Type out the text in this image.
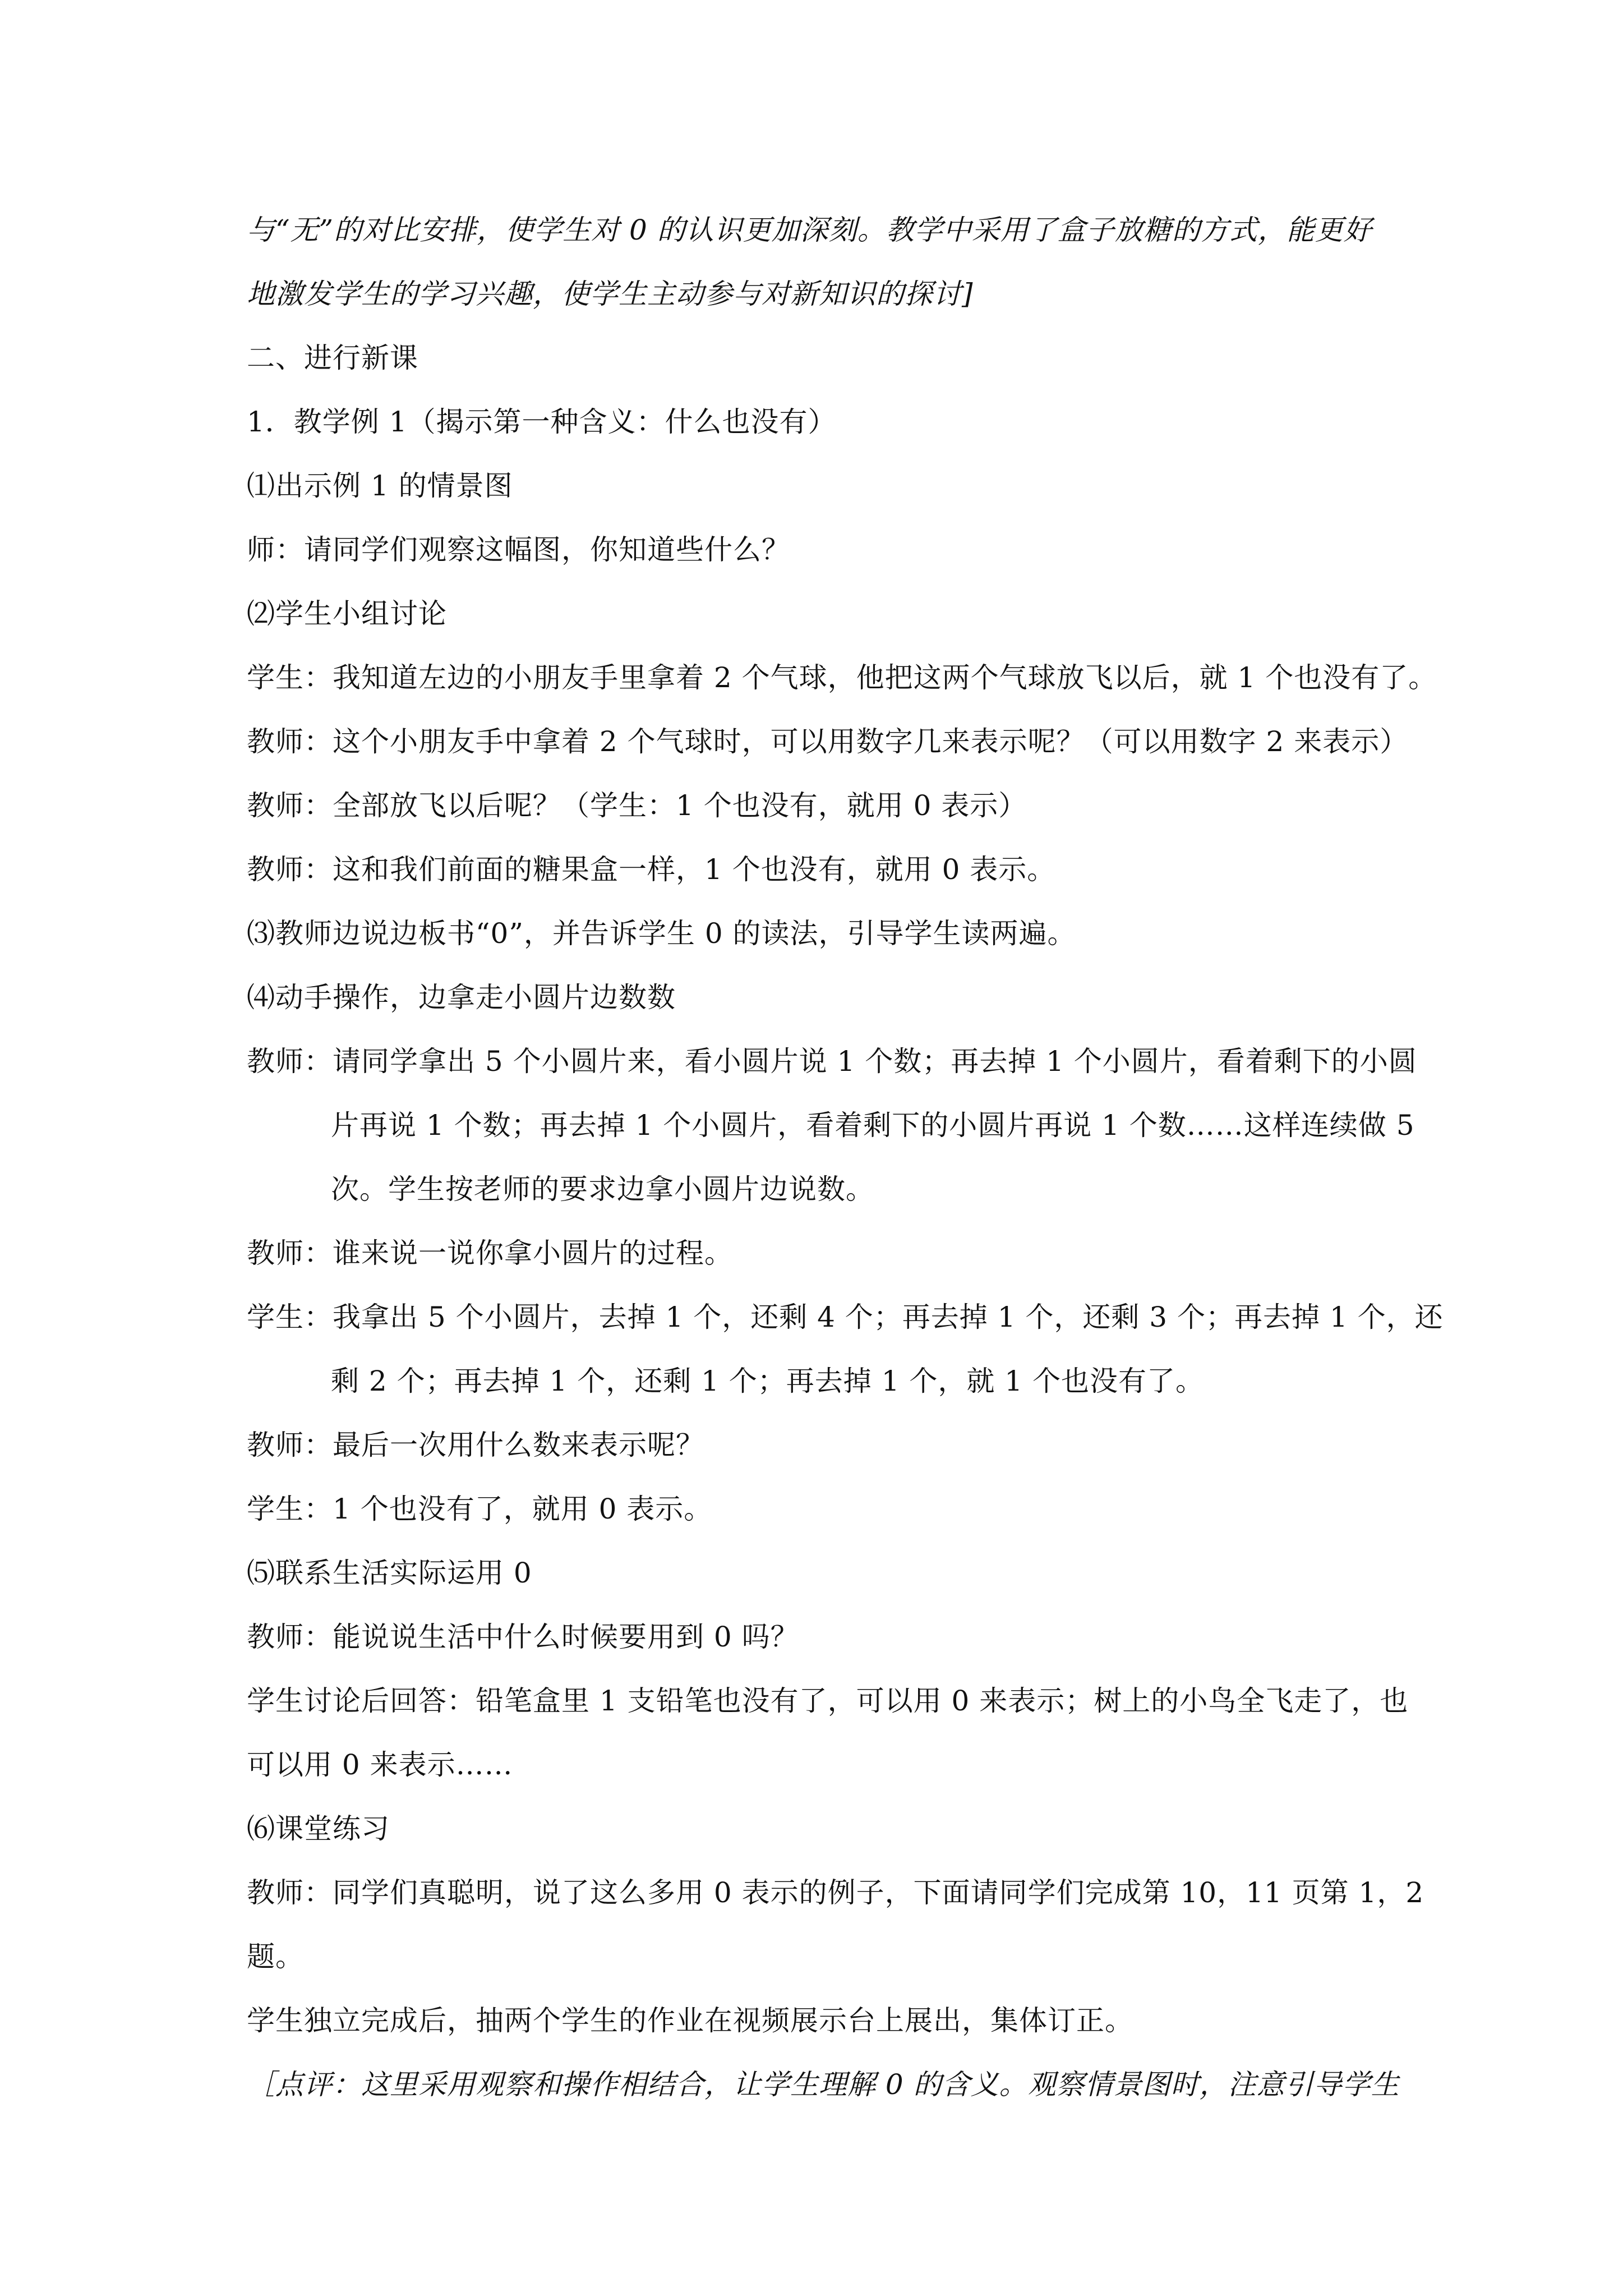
与“无”的对比安排，使学生对 0 的认识更加深刻。教学中采用了盒子放糖的方式，能更好
地激发学生的学习兴趣，使学生主动参与对新知识的探讨]
二、进行新课
1．教学例 1（揭示第一种含义：什么也没有）
⑴出示例 1 的情景图
师：请同学们观察这幅图，你知道些什么？
⑵学生小组讨论
学生：我知道左边的小朋友手里拿着 2 个气球，他把这两个气球放飞以后，就 1 个也没有了。
教师：这个小朋友手中拿着 2 个气球时，可以用数字几来表示呢？（可以用数字 2 来表示）
教师：全部放飞以后呢？（学生：1 个也没有，就用 0 表示）
教师：这和我们前面的糖果盒一样，1 个也没有，就用 0 表示。
⑶教师边说边板书“0”，并告诉学生 0 的读法，引导学生读两遍。
⑷动手操作，边拿走小圆片边数数
教师：请同学拿出 5 个小圆片来，看小圆片说 1 个数；再去掉 1 个小圆片，看着剩下的小圆
片再说 1 个数；再去掉 1 个小圆片，看着剩下的小圆片再说 1 个数……这样连续做 5
次。学生按老师的要求边拿小圆片边说数。
教师：谁来说一说你拿小圆片的过程。
学生：我拿出 5 个小圆片，去掉 1 个，还剩 4 个；再去掉 1 个，还剩 3 个；再去掉 1 个，还
剩 2 个；再去掉 1 个，还剩 1 个；再去掉 1 个，就 1 个也没有了。
教师：最后一次用什么数来表示呢？
学生：1 个也没有了，就用 0 表示。
⑸联系生活实际运用 0
教师：能说说生活中什么时候要用到 0 吗？
学生讨论后回答：铅笔盒里 1 支铅笔也没有了，可以用 0 来表示；树上的小鸟全飞走了，也
可以用 0 来表示……
⑹课堂练习
教师：同学们真聪明，说了这么多用 0 表示的例子，下面请同学们完成第 10，11 页第 1，2
题。
学生独立完成后，抽两个学生的作业在视频展示台上展出，集体订正。
［点评：这里采用观察和操作相结合，让学生理解 0 的含义。观察情景图时，注意引导学生
